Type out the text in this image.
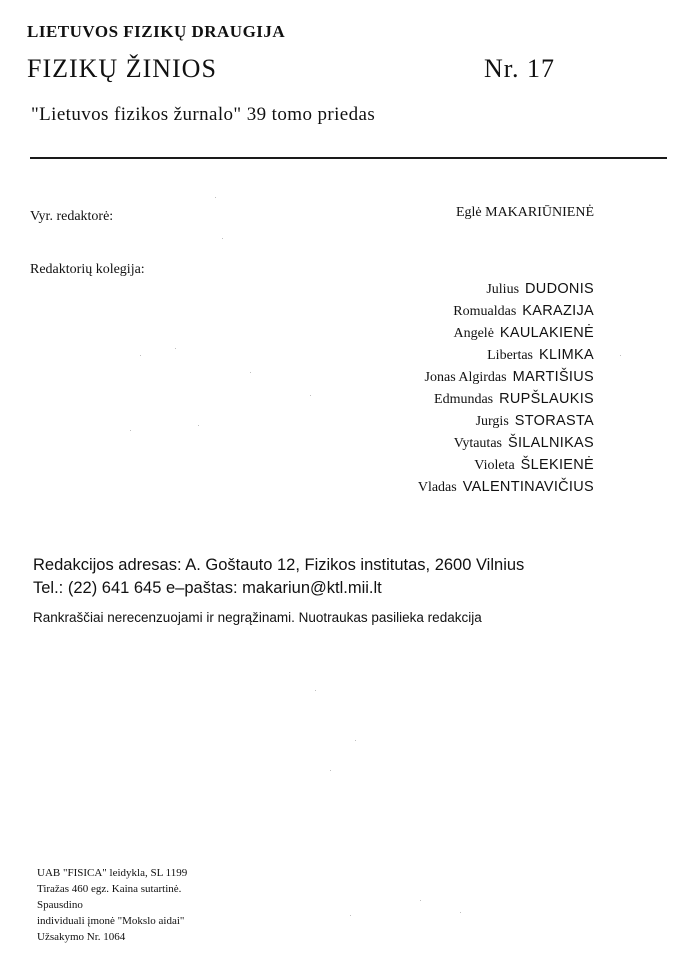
LIETUVOS FIZIKŲ DRAUGIJA
FIZIKŲ ŽINIOS	Nr. 17
"Lietuvos fizikos žurnalo" 39 tomo priedas
Vyr. redaktorė:	Eglė MAKARIŪNIENĖ
Redaktorių kolegija:
Julius DUDONIS
Romualdas KARAZIJA
Angelė KAULAKIENĖ
Libertas KLIMKA
Jonas Algirdas MARTIŠIUS
Edmundas RUPŠLAUKIS
Jurgis STORASTA
Vytautas ŠILALNIKAS
Violeta ŠLEKIENĖ
Vladas VALENTINAVIČIUS
Redakcijos adresas: A. Goštauto 12, Fizikos institutas, 2600 Vilnius
Tel.: (22) 641 645 e–paštas: makariun@ktl.mii.lt
Rankraščiai nerecenzuojami ir negrąžinami. Nuotraukas pasilieka redakcija
UAB "FISICA" leidykla, SL 1199
Tiražas 460 egz. Kaina sutartinė.
Spausdino
individuali įmonė "Mokslo aidai"
Užsakymo Nr. 1064
